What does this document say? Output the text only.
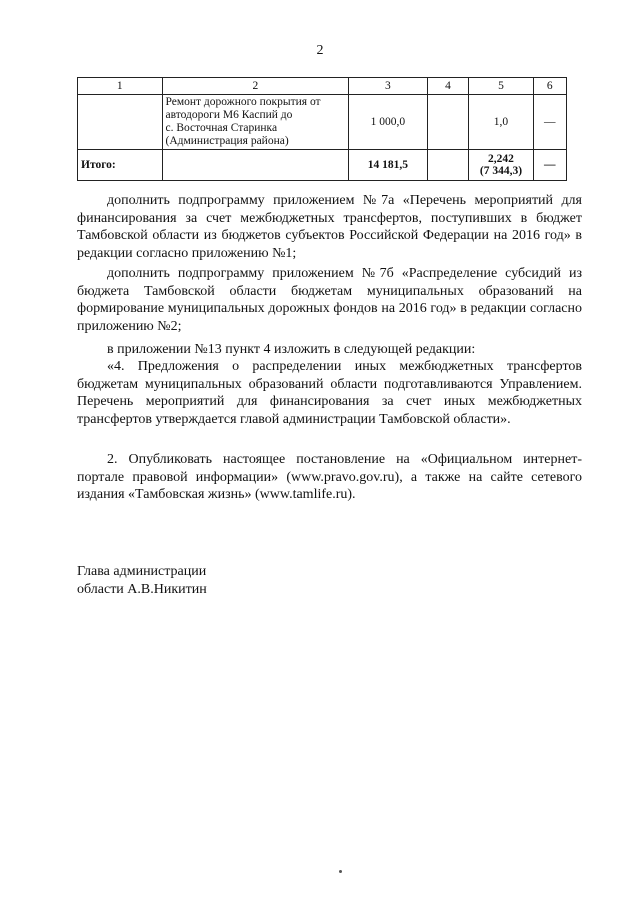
2
1	2	3	4	5	6

	Ремонт дорожного покрытия от
автодороги М6 Каспий до
с. Восточная Старинка
(Администрация района)	1 000,0		1,0	—
Итого:		14 181,5		2,242
(7 344,3)	—

дополнить подпрограмму приложением №7а «Перечень мероприятий для финансирования за счет межбюджетных трансфертов, поступивших в бюджет Тамбовской области из бюджетов субъектов Российской Федерации на 2016 год» в редакции согласно приложению №1;

дополнить подпрограмму приложением №7б «Распределение субсидий из бюджета Тамбовской области бюджетам муниципальных образований на формирование муниципальных дорожных фондов на 2016 год» в редакции согласно приложению №2;

в приложении №13 пункт 4 изложить в следующей редакции:

«4. Предложения о распределении иных межбюджетных трансфертов бюджетам муниципальных образований области подготавливаются Управлением. Перечень мероприятий для финансирования за счет иных межбюджетных трансфертов утверждается главой администрации Тамбовской области».

2. Опубликовать настоящее постановление на «Официальном интернет-портале правовой информации» (www.pravo.gov.ru), а также на сайте сетевого издания «Тамбовская жизнь» (www.tamlife.ru).

Глава администрации
области А.В.Никитин
